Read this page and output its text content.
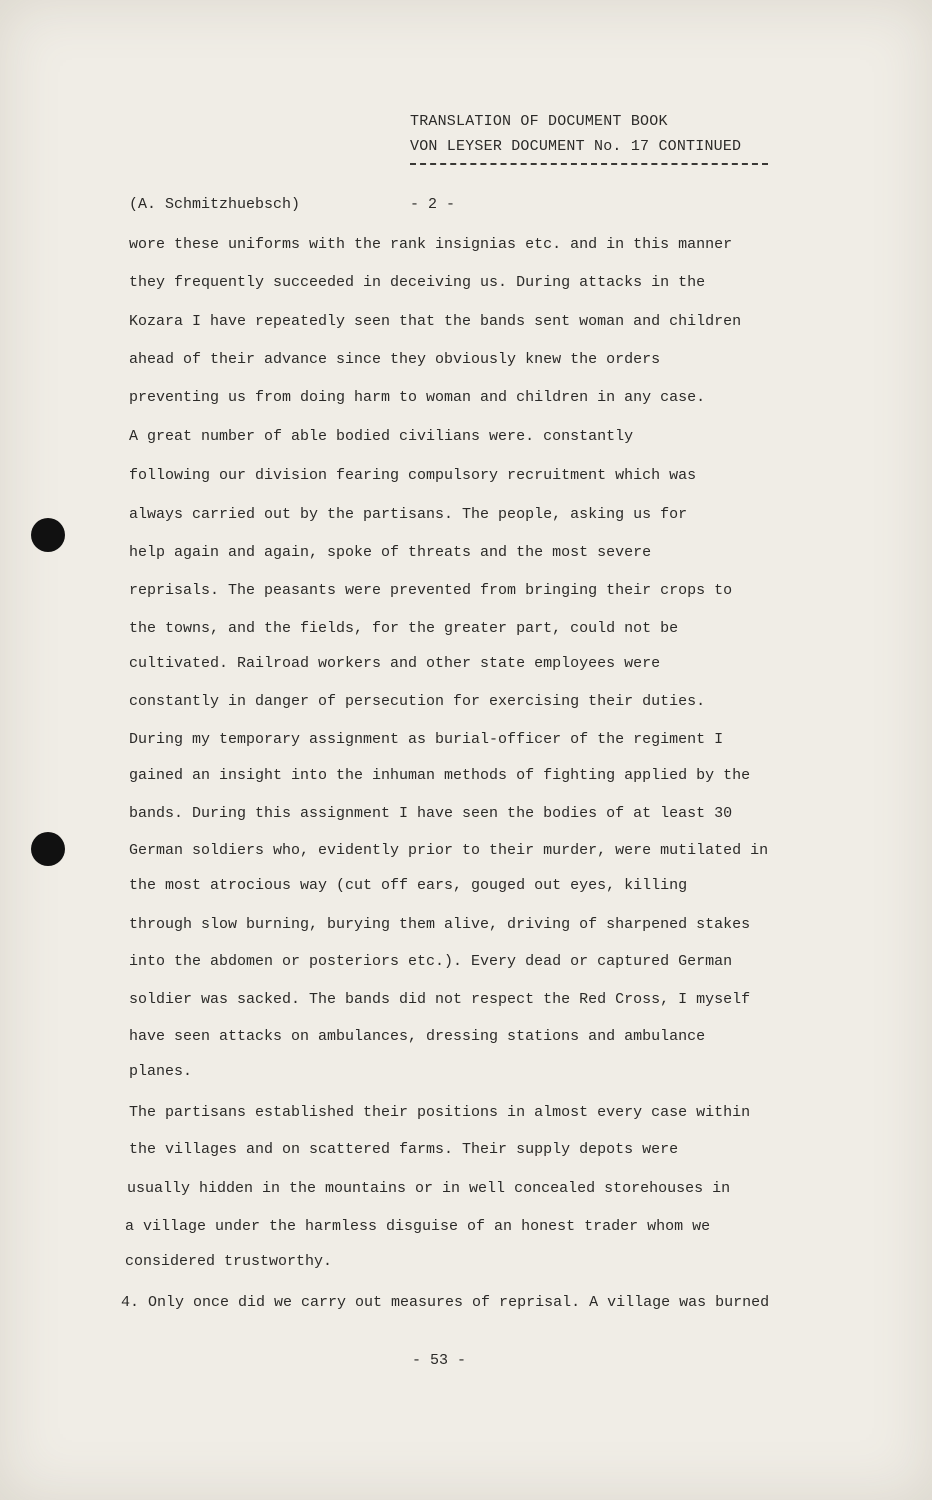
TRANSLATION OF DOCUMENT BOOK
VON LEYSER DOCUMENT No. 17 CONTINUED
(A. Schmitzhuebsch)	- 2 -
wore these uniforms with the rank insignias etc. and in this manner
they frequently succeeded in deceiving us. During attacks in the
Kozara I have repeatedly seen that the bands sent woman and children
ahead of their advance since they obviously knew the orders
preventing us from doing harm to woman and children in any case.
A great number of able bodied civilians were. constantly
following our division fearing compulsory recruitment which was
always carried out by the partisans. The people, asking us for
help again and again, spoke of threats and the most severe
reprisals. The peasants were prevented from bringing their crops to
the towns, and the fields, for the greater part, could not be
cultivated. Railroad workers and other state employees were
constantly in danger of persecution for exercising their duties.
During my temporary assignment as burial-officer of the regiment I
gained an insight into the inhuman methods of fighting applied by the
bands. During this assignment I have seen the bodies of at least 30
German soldiers who, evidently prior to their murder, were mutilated in
the most atrocious way (cut off ears, gouged out eyes, killing
through slow burning, burying them alive, driving of sharpened stakes
into the abdomen or posteriors etc.). Every dead or captured German
soldier was sacked. The bands did not respect the Red Cross, I myself
have seen attacks on ambulances, dressing stations and ambulance
planes.
The partisans established their positions in almost every case within
the villages and on scattered farms. Their supply depots were
usually hidden in the mountains or in well concealed storehouses in
a village under the harmless disguise of an honest trader whom we
considered trustworthy.
4. Only once did we carry out measures of reprisal. A village was burned
- 53 -
